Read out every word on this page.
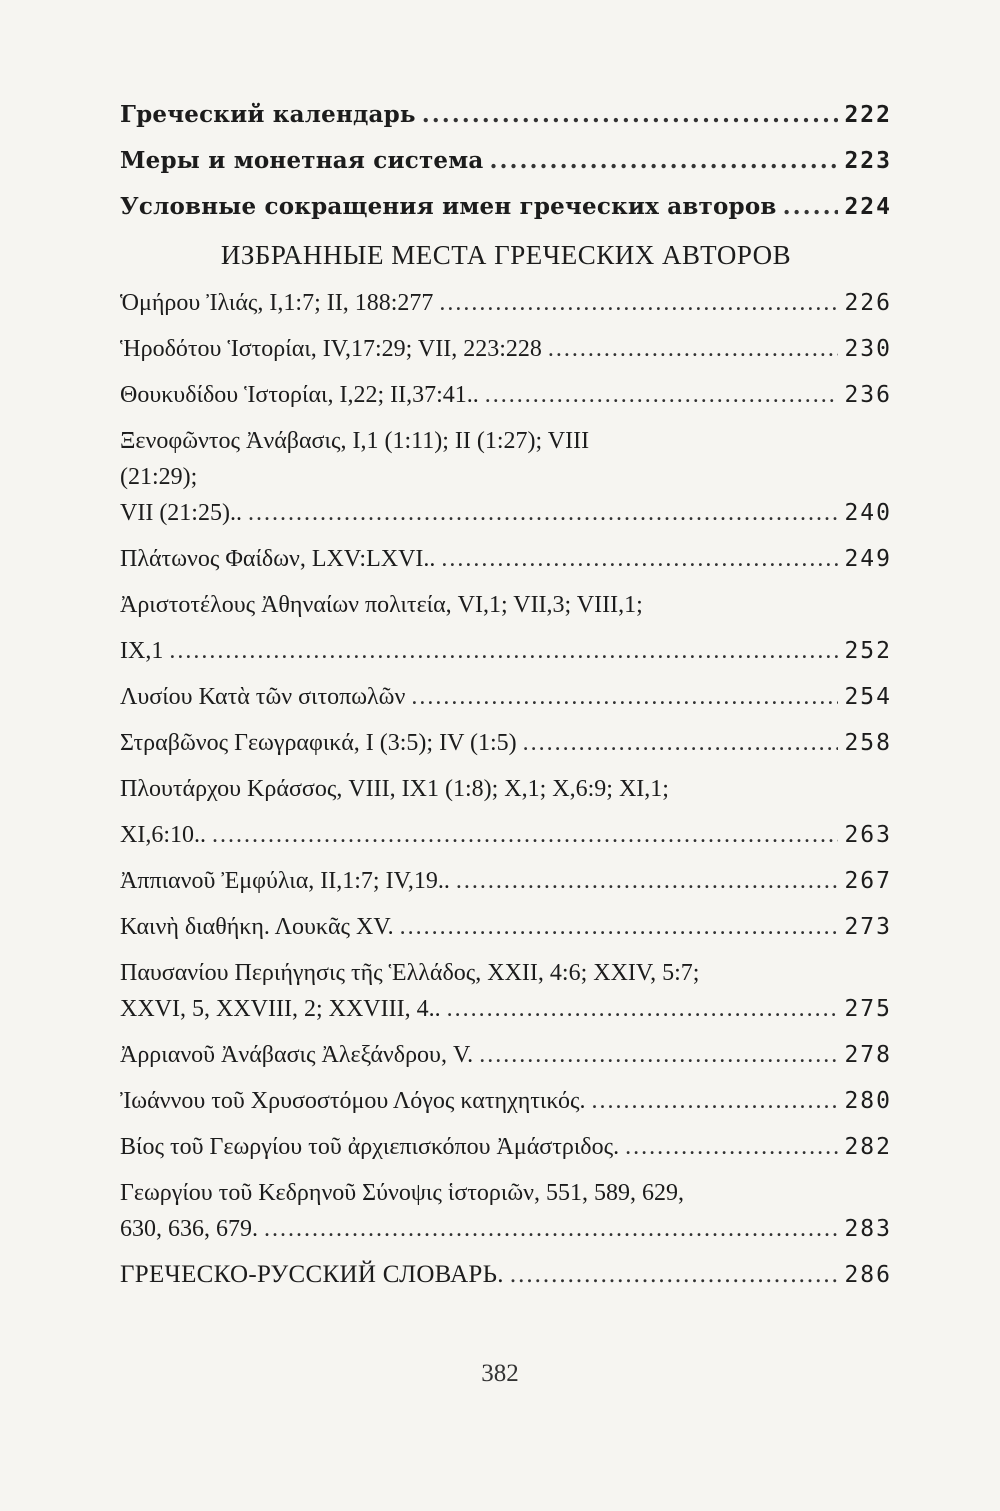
Греческий календарь .....	222
Меры и монетная система .....	223
Условные сокращения имен греческих авторов .....	224
ИЗБРАННЫЕ МЕСТА ГРЕЧЕСКИХ АВТОРОВ
Ὁμήρου Ἰλιάς, I,1:7; II, 188:277 .....	226
Ἡροδότου Ἱστορίαι, IV,17:29; VII, 223:228 .....	230
Θουκυδίδου Ἱστορίαι, I,22; II,37:41.. .....	236
Ξενοφῶντος Ἀνάβασις, I,1 (1:11); II (1:27); VIII
(21:29);
VII (21:25).. .....	240
Πλάτωνος Φαίδων, LXV:LXVI.. .....	249
Ἀριστοτέλους Ἀθηναίων πολιτεία, VI,1; VII,3; VIII,1;
IX,1 .....	252
Λυσίου Κατὰ τῶν σιτοπωλῶν .....	254
Στραβῶνος Γεωγραφικά, I (3:5); IV (1:5) .....	258
Πλουτάρχου Κράσσος, VIII, IX1 (1:8); X,1; X,6:9; XI,1;
XI,6:10.. .....	263
Ἀππιανοῦ Ἐμφύλια, II,1:7; IV,19.. .....	267
Καινὴ διαθήκη. Λουκᾶς XV. .....	273
Παυσανίου Περιήγησις τῆς Ἑλλάδος, XXII, 4:6; XXIV, 5:7;
XXVI, 5, XXVIII, 2; XXVIII, 4.. .....	275
Ἀρριανοῦ Ἀνάβασις Ἀλεξάνδρου, V. .....	278
Ἰωάννου τοῦ Χρυσοστόμου Λόγος κατηχητικός. .....	280
Βίος τοῦ Γεωργίου τοῦ ἀρχιεπισκόπου Ἀμάστριδος. .....	282
Γεωργίου τοῦ Κεδρηνοῦ Σύνοψις ἱστοριῶν, 551, 589, 629,
630, 636, 679. .....	283
ГРЕЧЕСКО-РУССКИЙ СЛОВАРЬ. .....	286
382
